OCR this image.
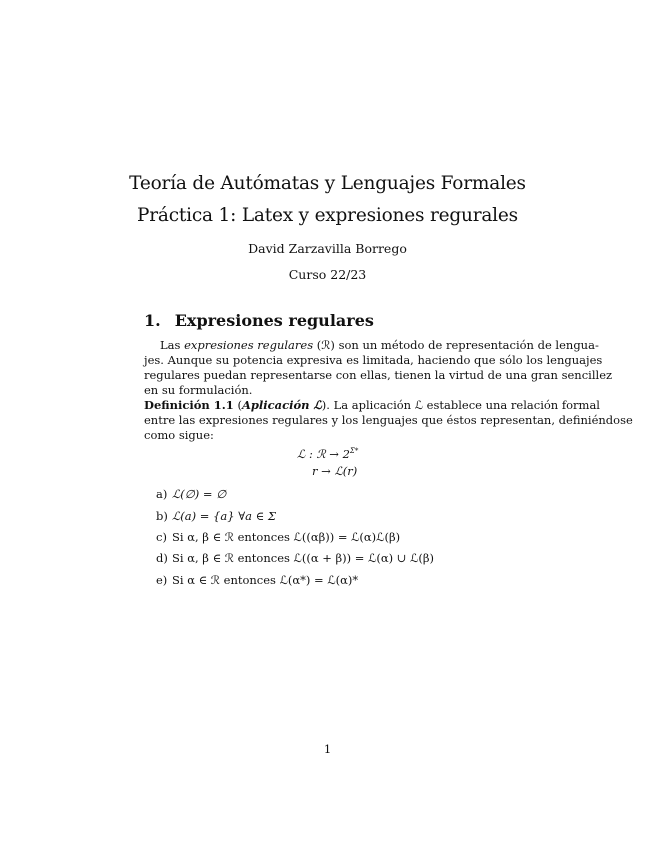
Teoría de Autómatas y Lenguajes Formales
Práctica 1: Latex y expresiones regurales
David Zarzavilla Borrego
Curso 22/23
1. Expresiones regulares
Las expresiones regulares (ℛ) son un método de representación de lengua-
jes. Aunque su potencia expresiva es limitada, haciendo que sólo los lenguajes
regulares puedan representarse con ellas, tienen la virtud de una gran sencillez
en su formulación.
Definición 1.1 (Aplicación ℒ). La aplicación ℒ establece una relación formal
entre las expresiones regulares y los lenguajes que éstos representan, definiéndose
como sigue:
ℒ : ℛ → $2^{\Sigma*}$
r → ℒ(r)
a) ℒ(∅) = ∅
b) ℒ(a) = {a} ∀a ∈ Σ
c) Si α, β ∈ ℛ entonces ℒ((αβ)) = ℒ(α)ℒ(β)
d) Si α, β ∈ ℛ entonces ℒ((α + β)) = ℒ(α) ∪ ℒ(β)
e) Si α ∈ ℛ entonces ℒ(α*) = ℒ(α)*
1
